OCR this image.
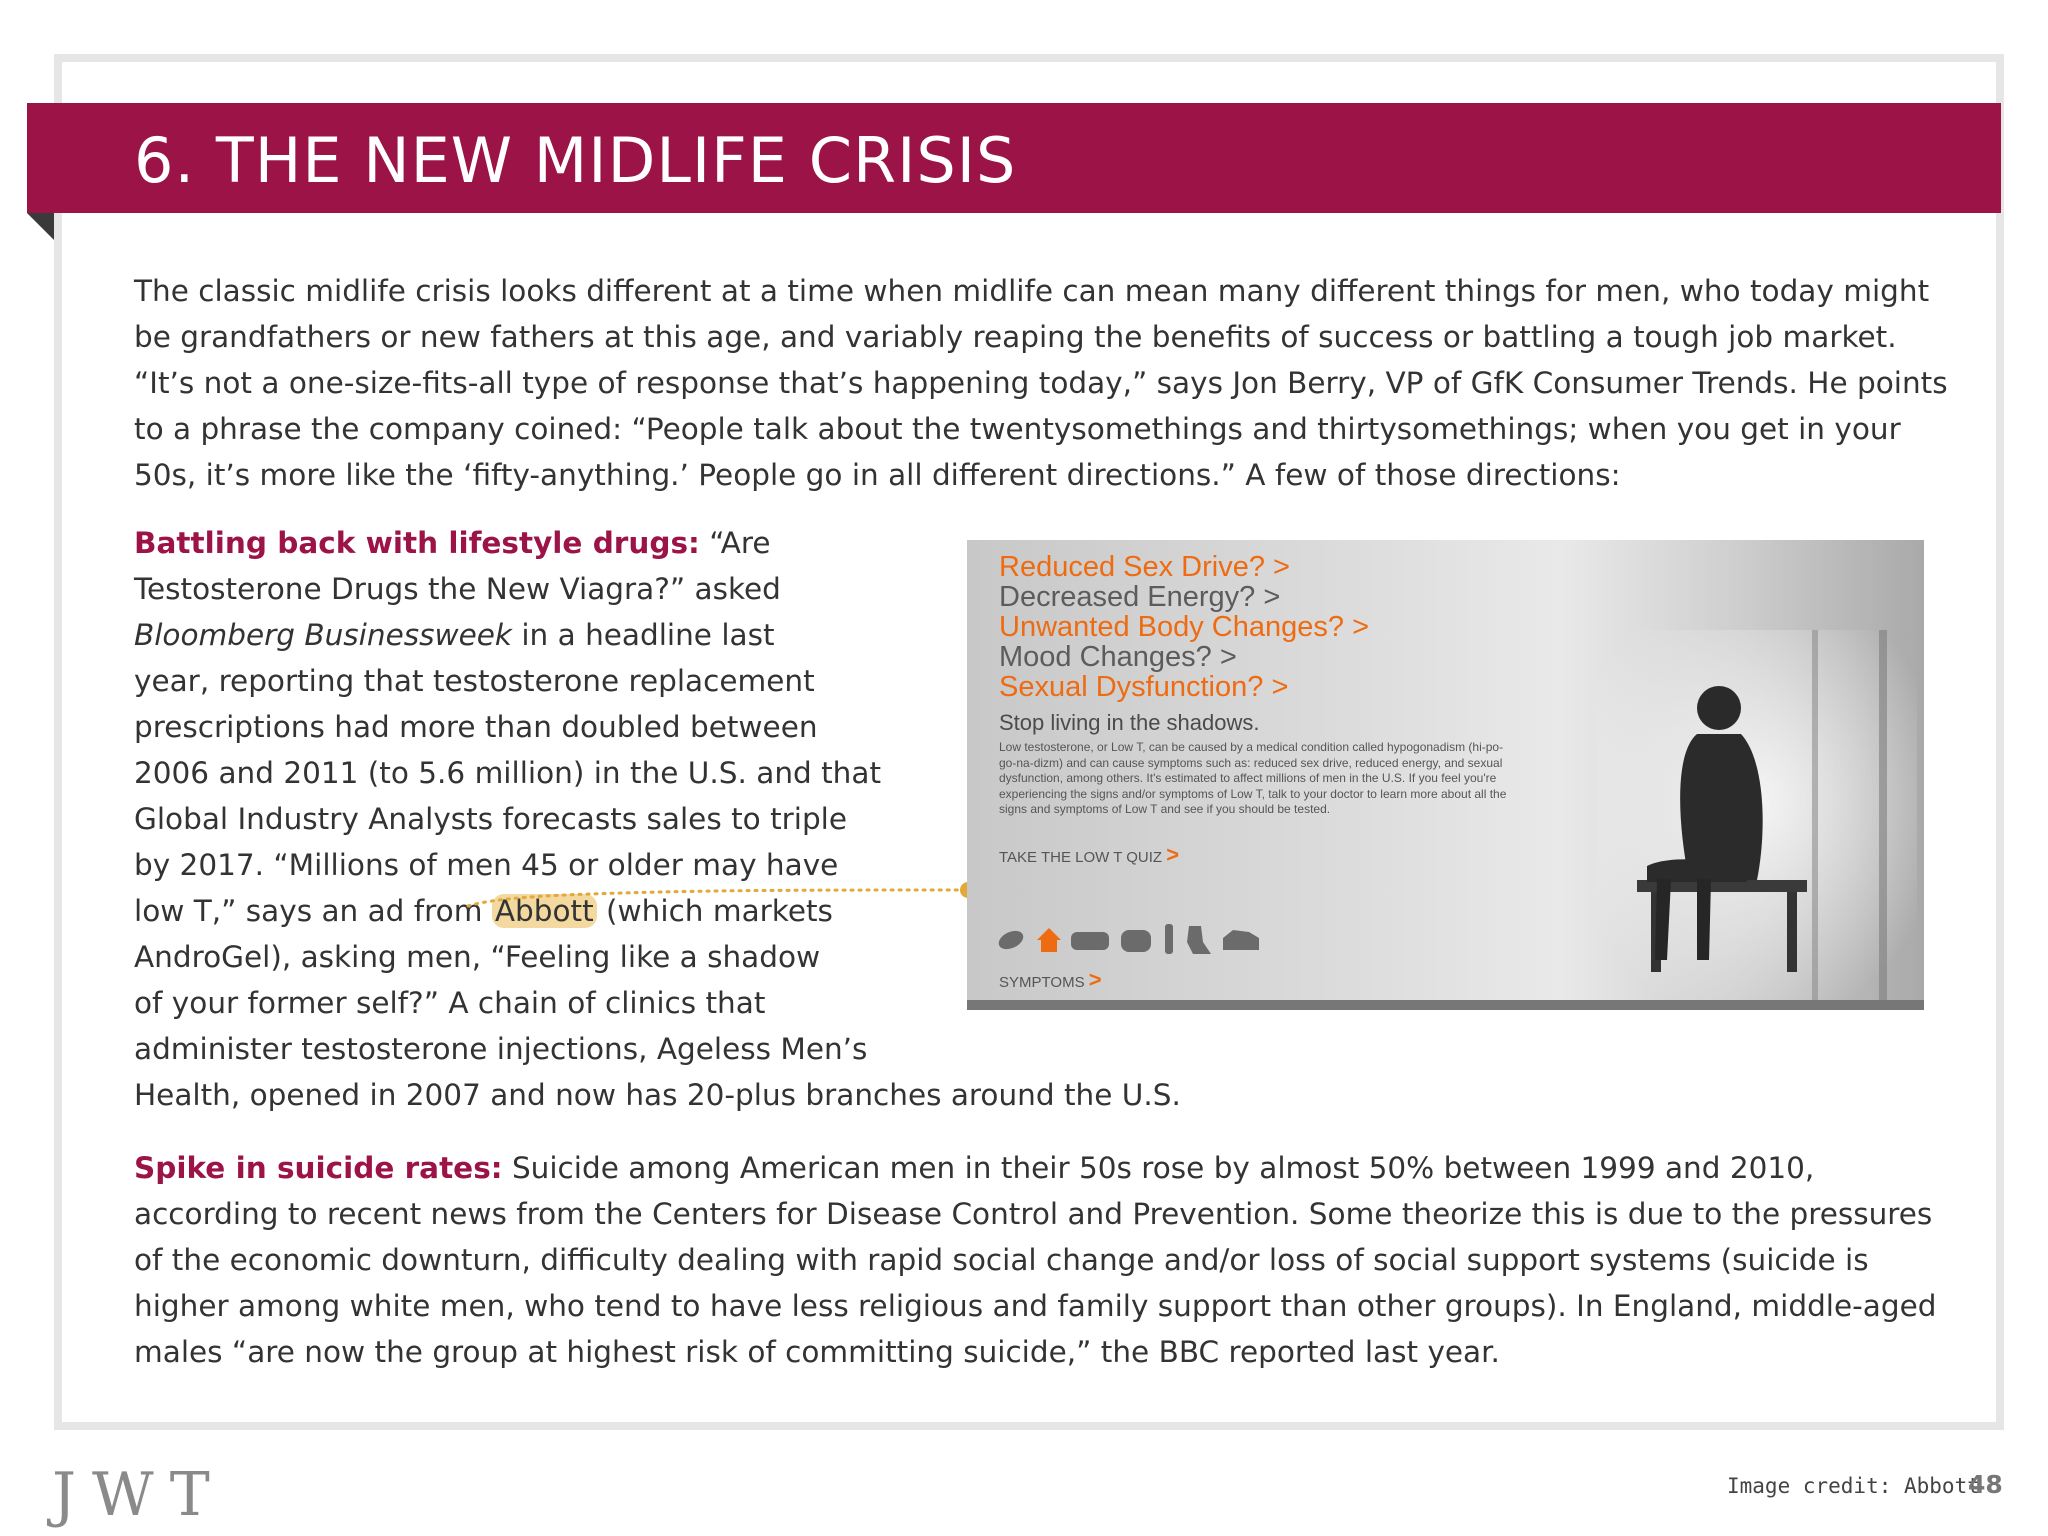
6. THE NEW MIDLIFE CRISIS

The classic midlife crisis looks different at a time when midlife can mean many different things for men, who today might be grandfathers or new fathers at this age, and variably reaping the benefits of success or battling a tough job market. “It’s not a one-size-fits-all type of response that’s happening today,” says Jon Berry, VP of GfK Consumer Trends. He points to a phrase the company coined: “People talk about the twentysomethings and thirtysomethings; when you get in your 50s, it’s more like the ‘fifty-anything.’ People go in all different directions.” A few of those directions:

Battling back with lifestyle drugs: “Are
Testosterone Drugs the New Viagra?” asked
Bloomberg Businessweek in a headline last
year, reporting that testosterone replacement
prescriptions had more than doubled between
2006 and 2011 (to 5.6 million) in the U.S. and that
Global Industry Analysts forecasts sales to triple
by 2017. “Millions of men 45 or older may have
low T,” says an ad from Abbott (which markets
AndroGel), asking men, “Feeling like a shadow
of your former self?” A chain of clinics that
administer testosterone injections, Ageless Men’s
Health, opened in 2007 and now has 20-plus branches around the U.S.

Reduced Sex Drive? >
Decreased Energy? >
Unwanted Body Changes? >
Mood Changes? >
Sexual Dysfunction? >
Stop living in the shadows.
Low testosterone, or Low T, can be caused by a medical condition called hypogonadism (hi-po-go-na-dizm) and can cause symptoms such as: reduced sex drive, reduced energy, and sexual dysfunction, among others. It's estimated to affect millions of men in the U.S. If you feel you're experiencing the signs and/or symptoms of Low T, talk to your doctor to learn more about all the signs and symptoms of Low T and see if you should be tested.
TAKE THE LOW T QUIZ >
SYMPTOMS >

Spike in suicide rates: Suicide among American men in their 50s rose by almost 50% between 1999 and 2010, according to recent news from the Centers for Disease Control and Prevention. Some theorize this is due to the pressures of the economic downturn, difficulty dealing with rapid social change and/or loss of social support systems (suicide is higher among white men, who tend to have less religious and family support than other groups). In England, middle-aged males “are now the group at highest risk of committing suicide,” the BBC reported last year.

JWT	Image credit: Abbott
48
